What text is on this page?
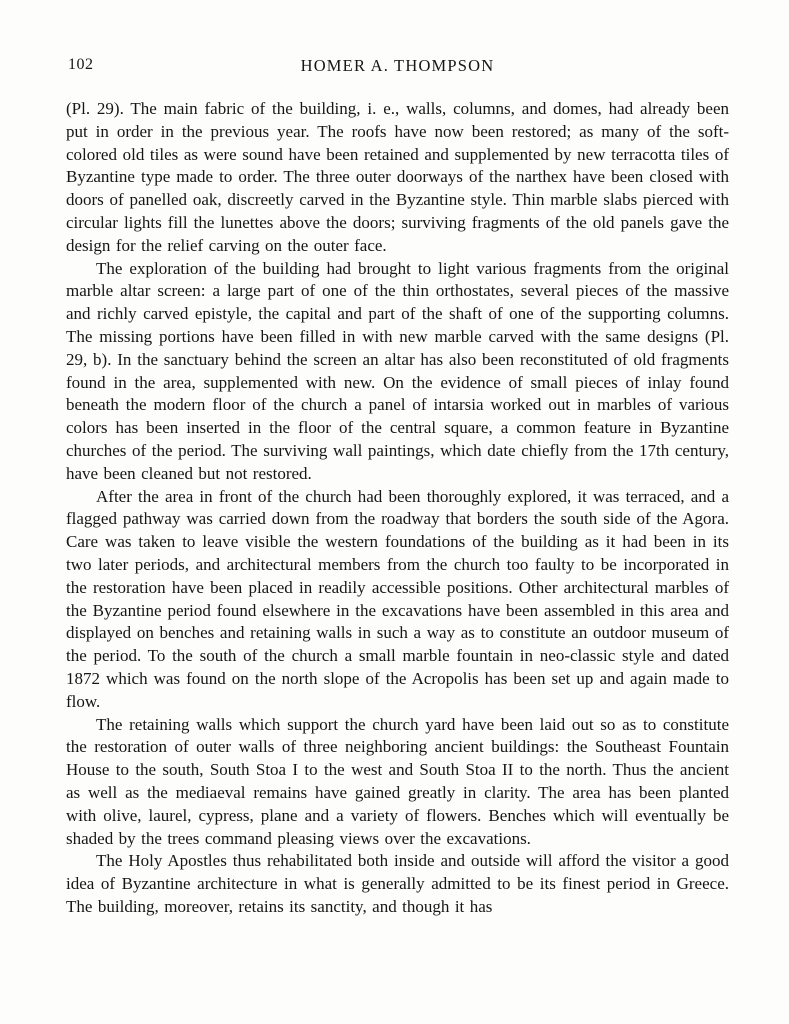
102	HOMER A. THOMPSON

(Pl. 29). The main fabric of the building, i. e., walls, columns, and domes, had already been put in order in the previous year. The roofs have now been restored; as many of the soft-colored old tiles as were sound have been retained and supplemented by new terracotta tiles of Byzantine type made to order. The three outer doorways of the narthex have been closed with doors of panelled oak, discreetly carved in the Byzantine style. Thin marble slabs pierced with circular lights fill the lunettes above the doors; surviving fragments of the old panels gave the design for the relief carving on the outer face.

The exploration of the building had brought to light various fragments from the original marble altar screen: a large part of one of the thin orthostates, several pieces of the massive and richly carved epistyle, the capital and part of the shaft of one of the supporting columns. The missing portions have been filled in with new marble carved with the same designs (Pl. 29, b). In the sanctuary behind the screen an altar has also been reconstituted of old fragments found in the area, supplemented with new. On the evidence of small pieces of inlay found beneath the modern floor of the church a panel of intarsia worked out in marbles of various colors has been inserted in the floor of the central square, a common feature in Byzantine churches of the period. The surviving wall paintings, which date chiefly from the 17th century, have been cleaned but not restored.

After the area in front of the church had been thoroughly explored, it was terraced, and a flagged pathway was carried down from the roadway that borders the south side of the Agora. Care was taken to leave visible the western foundations of the building as it had been in its two later periods, and architectural members from the church too faulty to be incorporated in the restoration have been placed in readily accessible positions. Other architectural marbles of the Byzantine period found elsewhere in the excavations have been assembled in this area and displayed on benches and retaining walls in such a way as to constitute an outdoor museum of the period. To the south of the church a small marble fountain in neo-classic style and dated 1872 which was found on the north slope of the Acropolis has been set up and again made to flow.

The retaining walls which support the church yard have been laid out so as to constitute the restoration of outer walls of three neighboring ancient buildings: the Southeast Fountain House to the south, South Stoa I to the west and South Stoa II to the north. Thus the ancient as well as the mediaeval remains have gained greatly in clarity. The area has been planted with olive, laurel, cypress, plane and a variety of flowers. Benches which will eventually be shaded by the trees command pleasing views over the excavations.

The Holy Apostles thus rehabilitated both inside and outside will afford the visitor a good idea of Byzantine architecture in what is generally admitted to be its finest period in Greece. The building, moreover, retains its sanctity, and though it has
